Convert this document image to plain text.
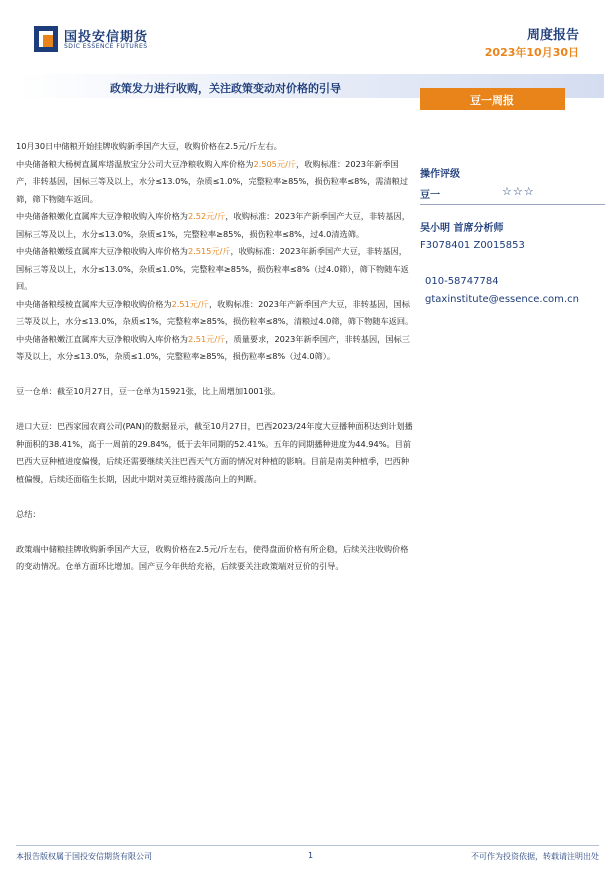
国投安信期货
SDIC ESSENCE FUTURES
周度报告
2023年10月30日
政策发力进行收购，关注政策变动对价格的引导
豆一周报

10月30日中储粮开始挂牌收购新季国产大豆，收购价格在2.5元/斤左右。

中央储备粮大杨树直属库塔温敖宝分公司大豆净粮收购入库价格为2.505元/斤，收购标准：2023年新季国产，非转基因，国标三等及以上，水分≤13.0%，杂质≤1.0%，完整粒率≥85%，损伤粒率≤8%，需清粮过筛，筛下物随车返回。

中央储备粮嫩化直属库大豆净粮收购入库价格为2.52元/斤，收购标准：2023年产新季国产大豆，非转基因，国标三等及以上，水分≤13.0%，杂质≤1%，完整粒率≥85%，损伤粒率≤8%，过4.0清选筛。

中央储备粮嫩绥直属库大豆净粮收购入库价格为2.515元/斤，收购标准：2023年新季国产大豆，非转基因，国标三等及以上，水分≤13.0%，杂质≤1.0%，完整粒率≥85%，损伤粒率≤8%（过4.0筛），筛下物随车返回。

中央储备粮绥棱直属库大豆净粮收购价格为2.51元/斤，收购标准：2023年产新季国产大豆，非转基因，国标三等及以上，水分≤13.0%，杂质≤1%，完整粒率≥85%，损伤粒率≤8%，清粮过4.0筛，筛下物随车返回。

中央储备粮嫩江直属库大豆净粮收购入库价格为2.51元/斤，质量要求，2023年新季国产，非转基因，国标三等及以上，水分≤13.0%，杂质≤1.0%，完整粒率≥85%，损伤粒率≤8%（过4.0筛）。

豆一仓单：截至10月27日，豆一仓单为15921张，比上周增加1001张。

进口大豆：巴西家园农商公司(PAN)的数据显示，截至10月27日，巴西2023/24年度大豆播种面积达到计划播种面积的38.41%，高于一周前的29.84%，低于去年同期的52.41%。五年的同期播种进度为44.94%。目前巴西大豆种植进度偏慢，后续还需要继续关注巴西天气方面的情况对种植的影响。目前是南美种植季，巴西种植偏慢，后续还面临生长期，因此中期对美豆维持震荡向上的判断。

总结：

政策端中储粮挂牌收购新季国产大豆，收购价格在2.5元/斤左右，使得盘面价格有所企稳，后续关注收购价格的变动情况。仓单方面环比增加。国产豆今年供给充裕，后续要关注政策端对豆价的引导。

操作评级
豆一	☆☆☆
吴小明 首席分析师
F3078401 Z0015853
010-58747784
gtaxinstitute@essence.com.cn
本报告版权属于国投安信期货有限公司	1	不可作为投资依据，转载请注明出处
